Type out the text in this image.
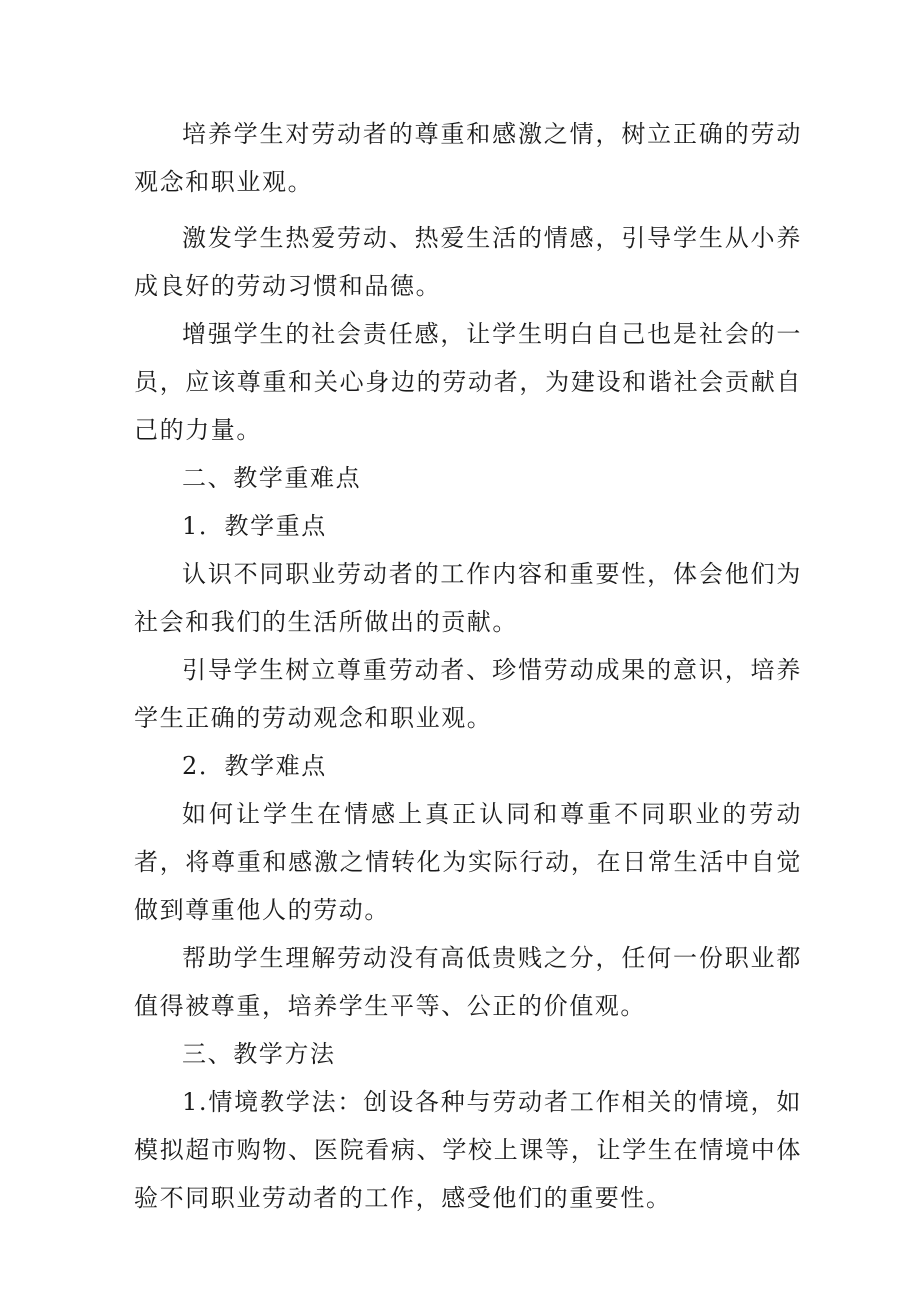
培养学生对劳动者的尊重和感激之情，树立正确的劳动观念和职业观。

激发学生热爱劳动、热爱生活的情感，引导学生从小养成良好的劳动习惯和品德。

增强学生的社会责任感，让学生明白自己也是社会的一员，应该尊重和关心身边的劳动者，为建设和谐社会贡献自己的力量。

二、教学重难点

1．教学重点

认识不同职业劳动者的工作内容和重要性，体会他们为社会和我们的生活所做出的贡献。

引导学生树立尊重劳动者、珍惜劳动成果的意识，培养学生正确的劳动观念和职业观。

2．教学难点

如何让学生在情感上真正认同和尊重不同职业的劳动者，将尊重和感激之情转化为实际行动，在日常生活中自觉做到尊重他人的劳动。

帮助学生理解劳动没有高低贵贱之分，任何一份职业都值得被尊重，培养学生平等、公正的价值观。

三、教学方法

1.情境教学法：创设各种与劳动者工作相关的情境，如模拟超市购物、医院看病、学校上课等，让学生在情境中体验不同职业劳动者的工作，感受他们的重要性。
